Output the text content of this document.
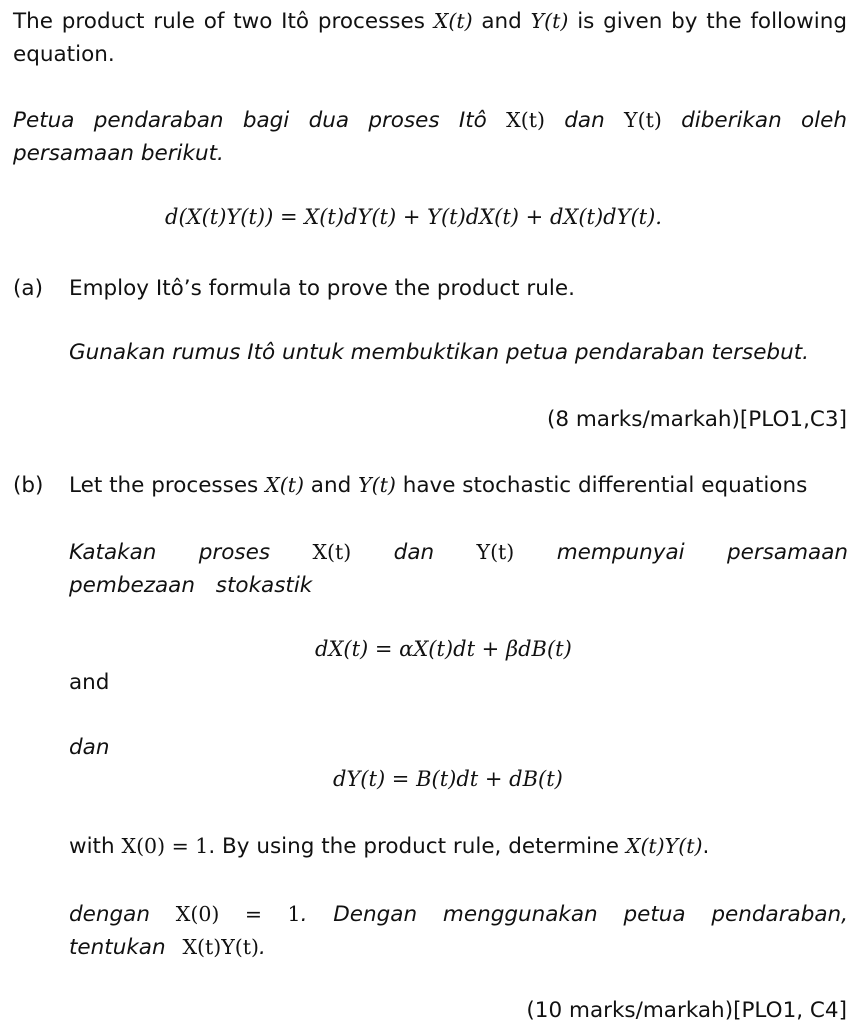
The product rule of two Itô processes X(t) and Y(t) is given by the following equation.
Petua pendaraban bagi dua proses Itô X(t) dan Y(t) diberikan oleh persamaan berikut.
d(X(t)Y(t)) = X(t)dY(t) + Y(t)dX(t) + dX(t)dY(t).
(a) Employ Itô’s formula to prove the product rule.
Gunakan rumus Itô untuk membuktikan petua pendaraban tersebut.
(8 marks/markah)[PLO1,C3]
(b) Let the processes X(t) and Y(t) have stochastic differential equations
Katakan proses X(t) dan Y(t) mempunyai persamaan pembezaan stokastik
dX(t) = αX(t)dt + βdB(t)
and
dan
dY(t) = B(t)dt + dB(t)
with X(0) = 1. By using the product rule, determine X(t)Y(t).
dengan X(0) = 1. Dengan menggunakan petua pendaraban, tentukan X(t)Y(t).
(10 marks/markah)[PLO1, C4]
